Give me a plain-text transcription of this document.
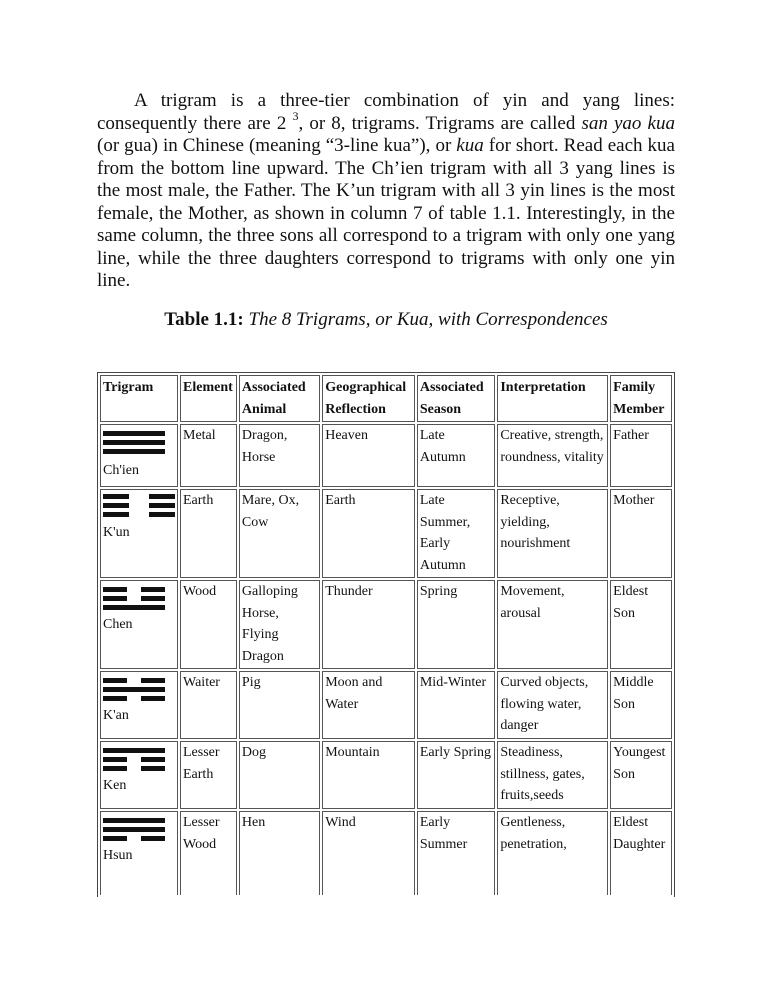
A trigram is a three-tier combination of yin and yang lines: consequently there are 2 $^3$, or 8, trigrams. Trigrams are called san yao kua (or gua) in Chinese (meaning “3-line kua”), or kua for short. Read each kua from the bottom line upward. The Ch’ien trigram with all 3 yang lines is the most male, the Father. The K’un trigram with all 3 yin lines is the most female, the Mother, as shown in column 7 of table 1.1. Interestingly, in the same column, the three sons all correspond to a trigram with only one yang line, while the three daughters correspond to trigrams with only one yin line.

Table 1.1: The 8 Trigrams, or Kua, with Correspondences

Trigram	Element	Associated Animal	Geographical Reflection	Associated Season	Interpretation	Family Member

Ch'ien	Metal	Dragon, Horse	Heaven	Late Autumn	Creative, strength, roundness, vitality	Father

K'un	Earth	Mare, Ox, Cow	Earth	Late Summer, Early Autumn	Receptive, yielding, nourishment	Mother

Chen	Wood	Galloping Horse, Flying Dragon	Thunder	Spring	Movement, arousal	Eldest Son

K'an	Waiter	Pig	Moon and Water	Mid-Winter	Curved objects, flowing water, danger	Middle Son

Ken	Lesser Earth	Dog	Mountain	Early Spring	Steadiness, stillness, gates, fruits,seeds	Youngest Son

Hsun	Lesser Wood	Hen	Wind	Early Summer	Gentleness, penetration,	Eldest Daughter
